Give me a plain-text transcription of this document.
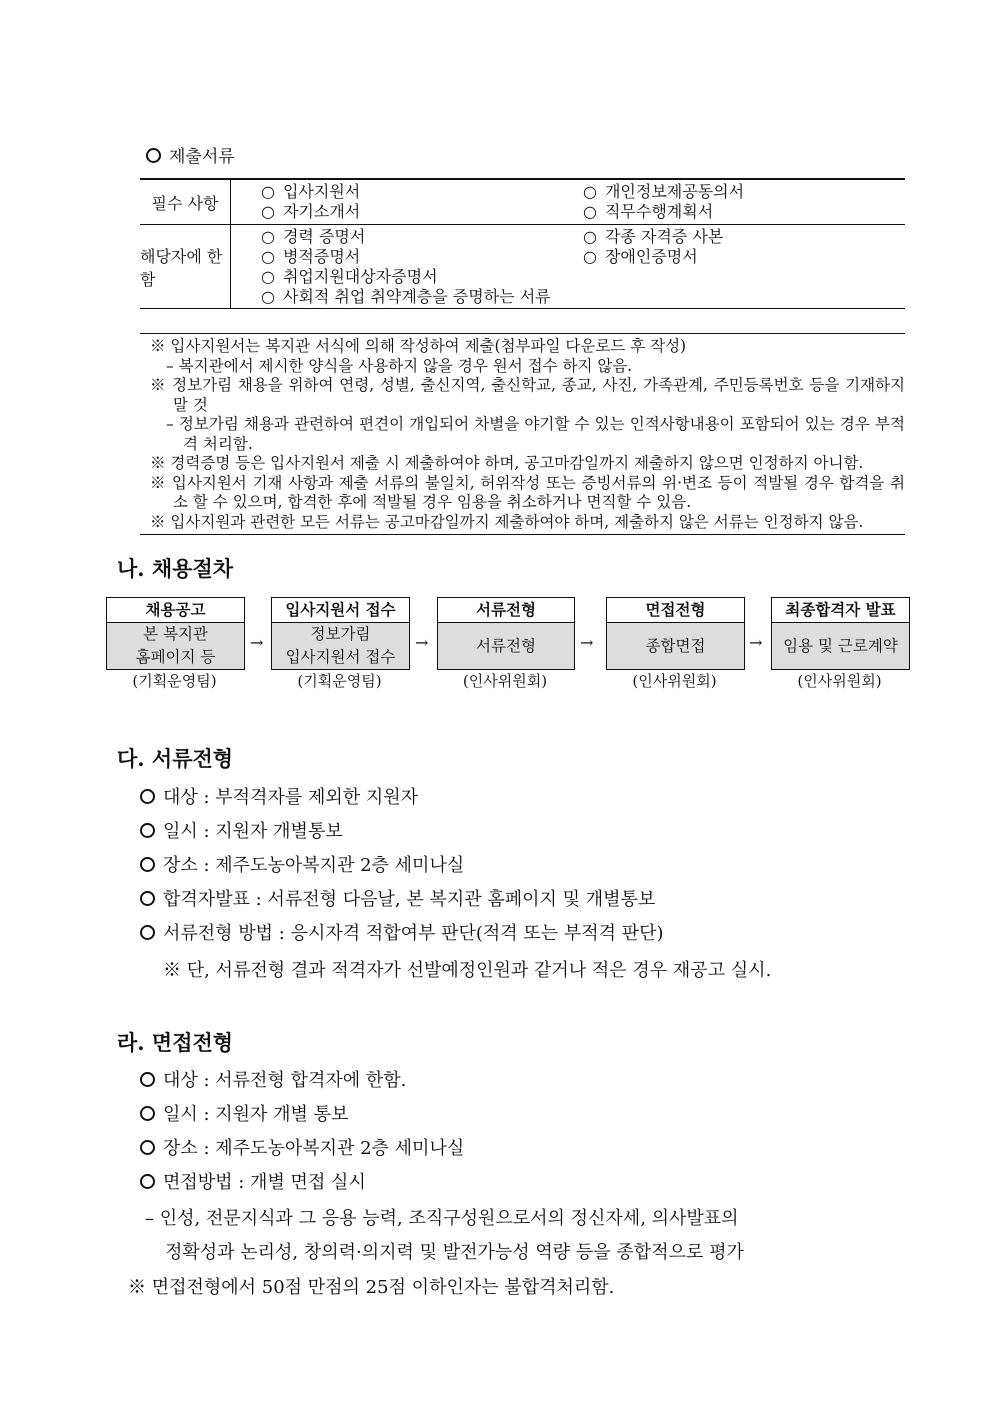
제출서류
필수 사항
○ 입사지원서
○ 자기소개서
○ 개인정보제공동의서
○ 직무수행계획서
해당자에 한함
○ 경력 증명서
○ 병적증명서
○ 취업지원대상자증명서
○ 사회적 취업 취약계층을 증명하는 서류
○ 각종 자격증 사본
○ 장애인증명서
※ 입사지원서는 복지관 서식에 의해 작성하여 제출(첨부파일 다운로드 후 작성)
– 복지관에서 제시한 양식을 사용하지 않을 경우 원서 접수 하지 않음.
※ 정보가림 채용을 위하여 연령, 성별, 출신지역, 출신학교, 종교, 사진, 가족관계, 주민등록번호 등을 기재하지 말 것
– 정보가림 채용과 관련하여 편견이 개입되어 차별을 야기할 수 있는 인적사항내용이 포함되어 있는 경우 부적격 처리함.
※ 경력증명 등은 입사지원서 제출 시 제출하여야 하며, 공고마감일까지 제출하지 않으면 인정하지 아니함.
※ 입사지원서 기재 사항과 제출 서류의 불일치, 허위작성 또는 증빙서류의 위·변조 등이 적발될 경우 합격을 취소 할 수 있으며, 합격한 후에 적발될 경우 임용을 취소하거나 면직할 수 있음.
※ 입사지원과 관련한 모든 서류는 공고마감일까지 제출하여야 하며, 제출하지 않은 서류는 인정하지 않음.
나. 채용절차
채용공고
본 복지관
홈페이지 등
→
(기획운영팀)
입사지원서 접수
정보가림
입사지원서 접수
→
(기획운영팀)
서류전형
서류전형	→
(인사위원회)
면접전형
종합면접	→
(인사위원회)
최종합격자 발표
임용 및 근로계약
(인사위원회)
다. 서류전형
대상 : 부적격자를 제외한 지원자
일시 : 지원자 개별통보
장소 : 제주도농아복지관 2층 세미나실
합격자발표 : 서류전형 다음날, 본 복지관 홈페이지 및 개별통보
서류전형 방법 : 응시자격 적합여부 판단(적격 또는 부적격 판단)
※ 단, 서류전형 결과 적격자가 선발예정인원과 같거나 적은 경우 재공고 실시.
라. 면접전형
대상 : 서류전형 합격자에 한함.
일시 : 지원자 개별 통보
장소 : 제주도농아복지관 2층 세미나실
면접방법 : 개별 면접 실시
– 인성, 전문지식과 그 응용 능력, 조직구성원으로서의 정신자세, 의사발표의
정확성과 논리성, 창의력·의지력 및 발전가능성 역량 등을 종합적으로 평가
※ 면접전형에서 50점 만점의 25점 이하인자는 불합격처리함.
